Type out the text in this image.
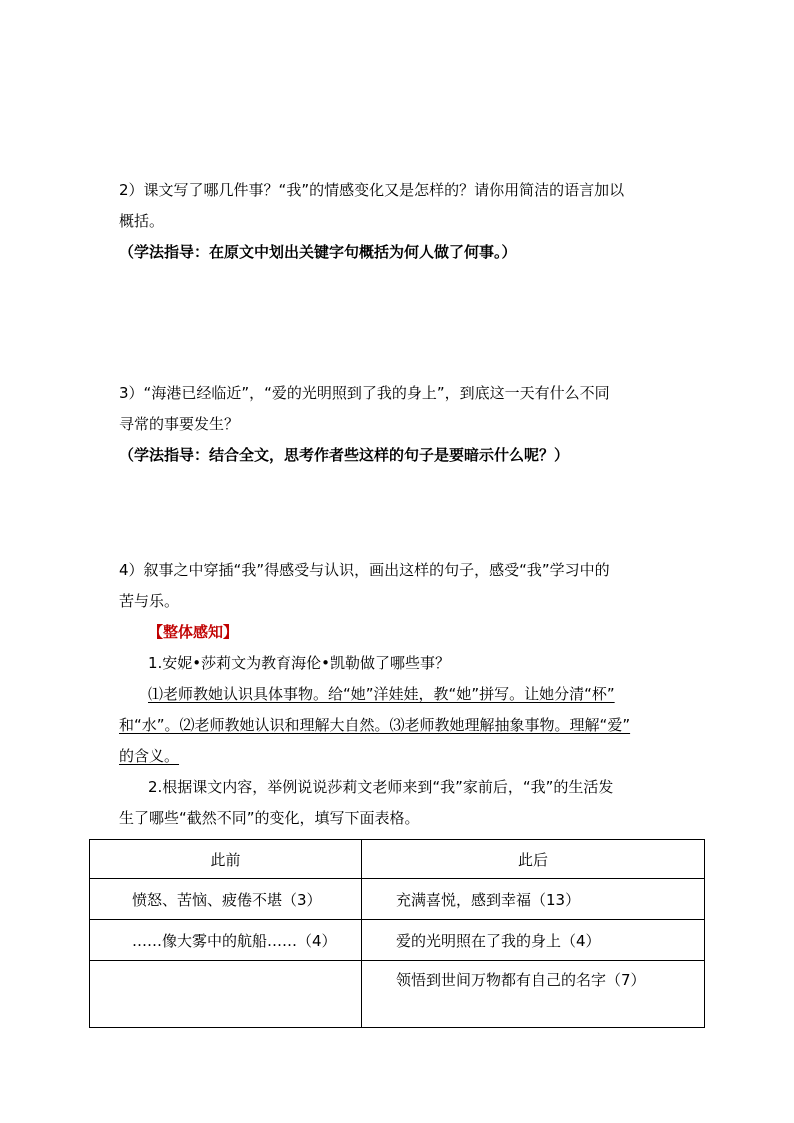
2）课文写了哪几件事？“我”的情感变化又是怎样的？请你用简洁的语言加以
概括。
（学法指导：在原文中划出关键字句概括为何人做了何事。）
3）“海港已经临近”，“爱的光明照到了我的身上”，到底这一天有什么不同
寻常的事要发生？
（学法指导：结合全文，思考作者些这样的句子是要暗示什么呢？）
4）叙事之中穿插“我”得感受与认识，画出这样的句子，感受“我”学习中的
苦与乐。
【整体感知】
1.安妮•莎莉文为教育海伦•凯勒做了哪些事？
⑴老师教她认识具体事物。给“她”洋娃娃，教“她”拼写。让她分清“杯”
和“水”。⑵老师教她认识和理解大自然。⑶老师教她理解抽象事物。理解“爱”
的含义。
2.根据课文内容，举例说说莎莉文老师来到“我”家前后，“我”的生活发
生了哪些“截然不同”的变化，填写下面表格。
此前	此后
愤怒、苦恼、疲倦不堪（3）	充满喜悦，感到幸福（13）
……像大雾中的航船……（4）	爱的光明照在了我的身上（4）
	领悟到世间万物都有自己的名字（7）
